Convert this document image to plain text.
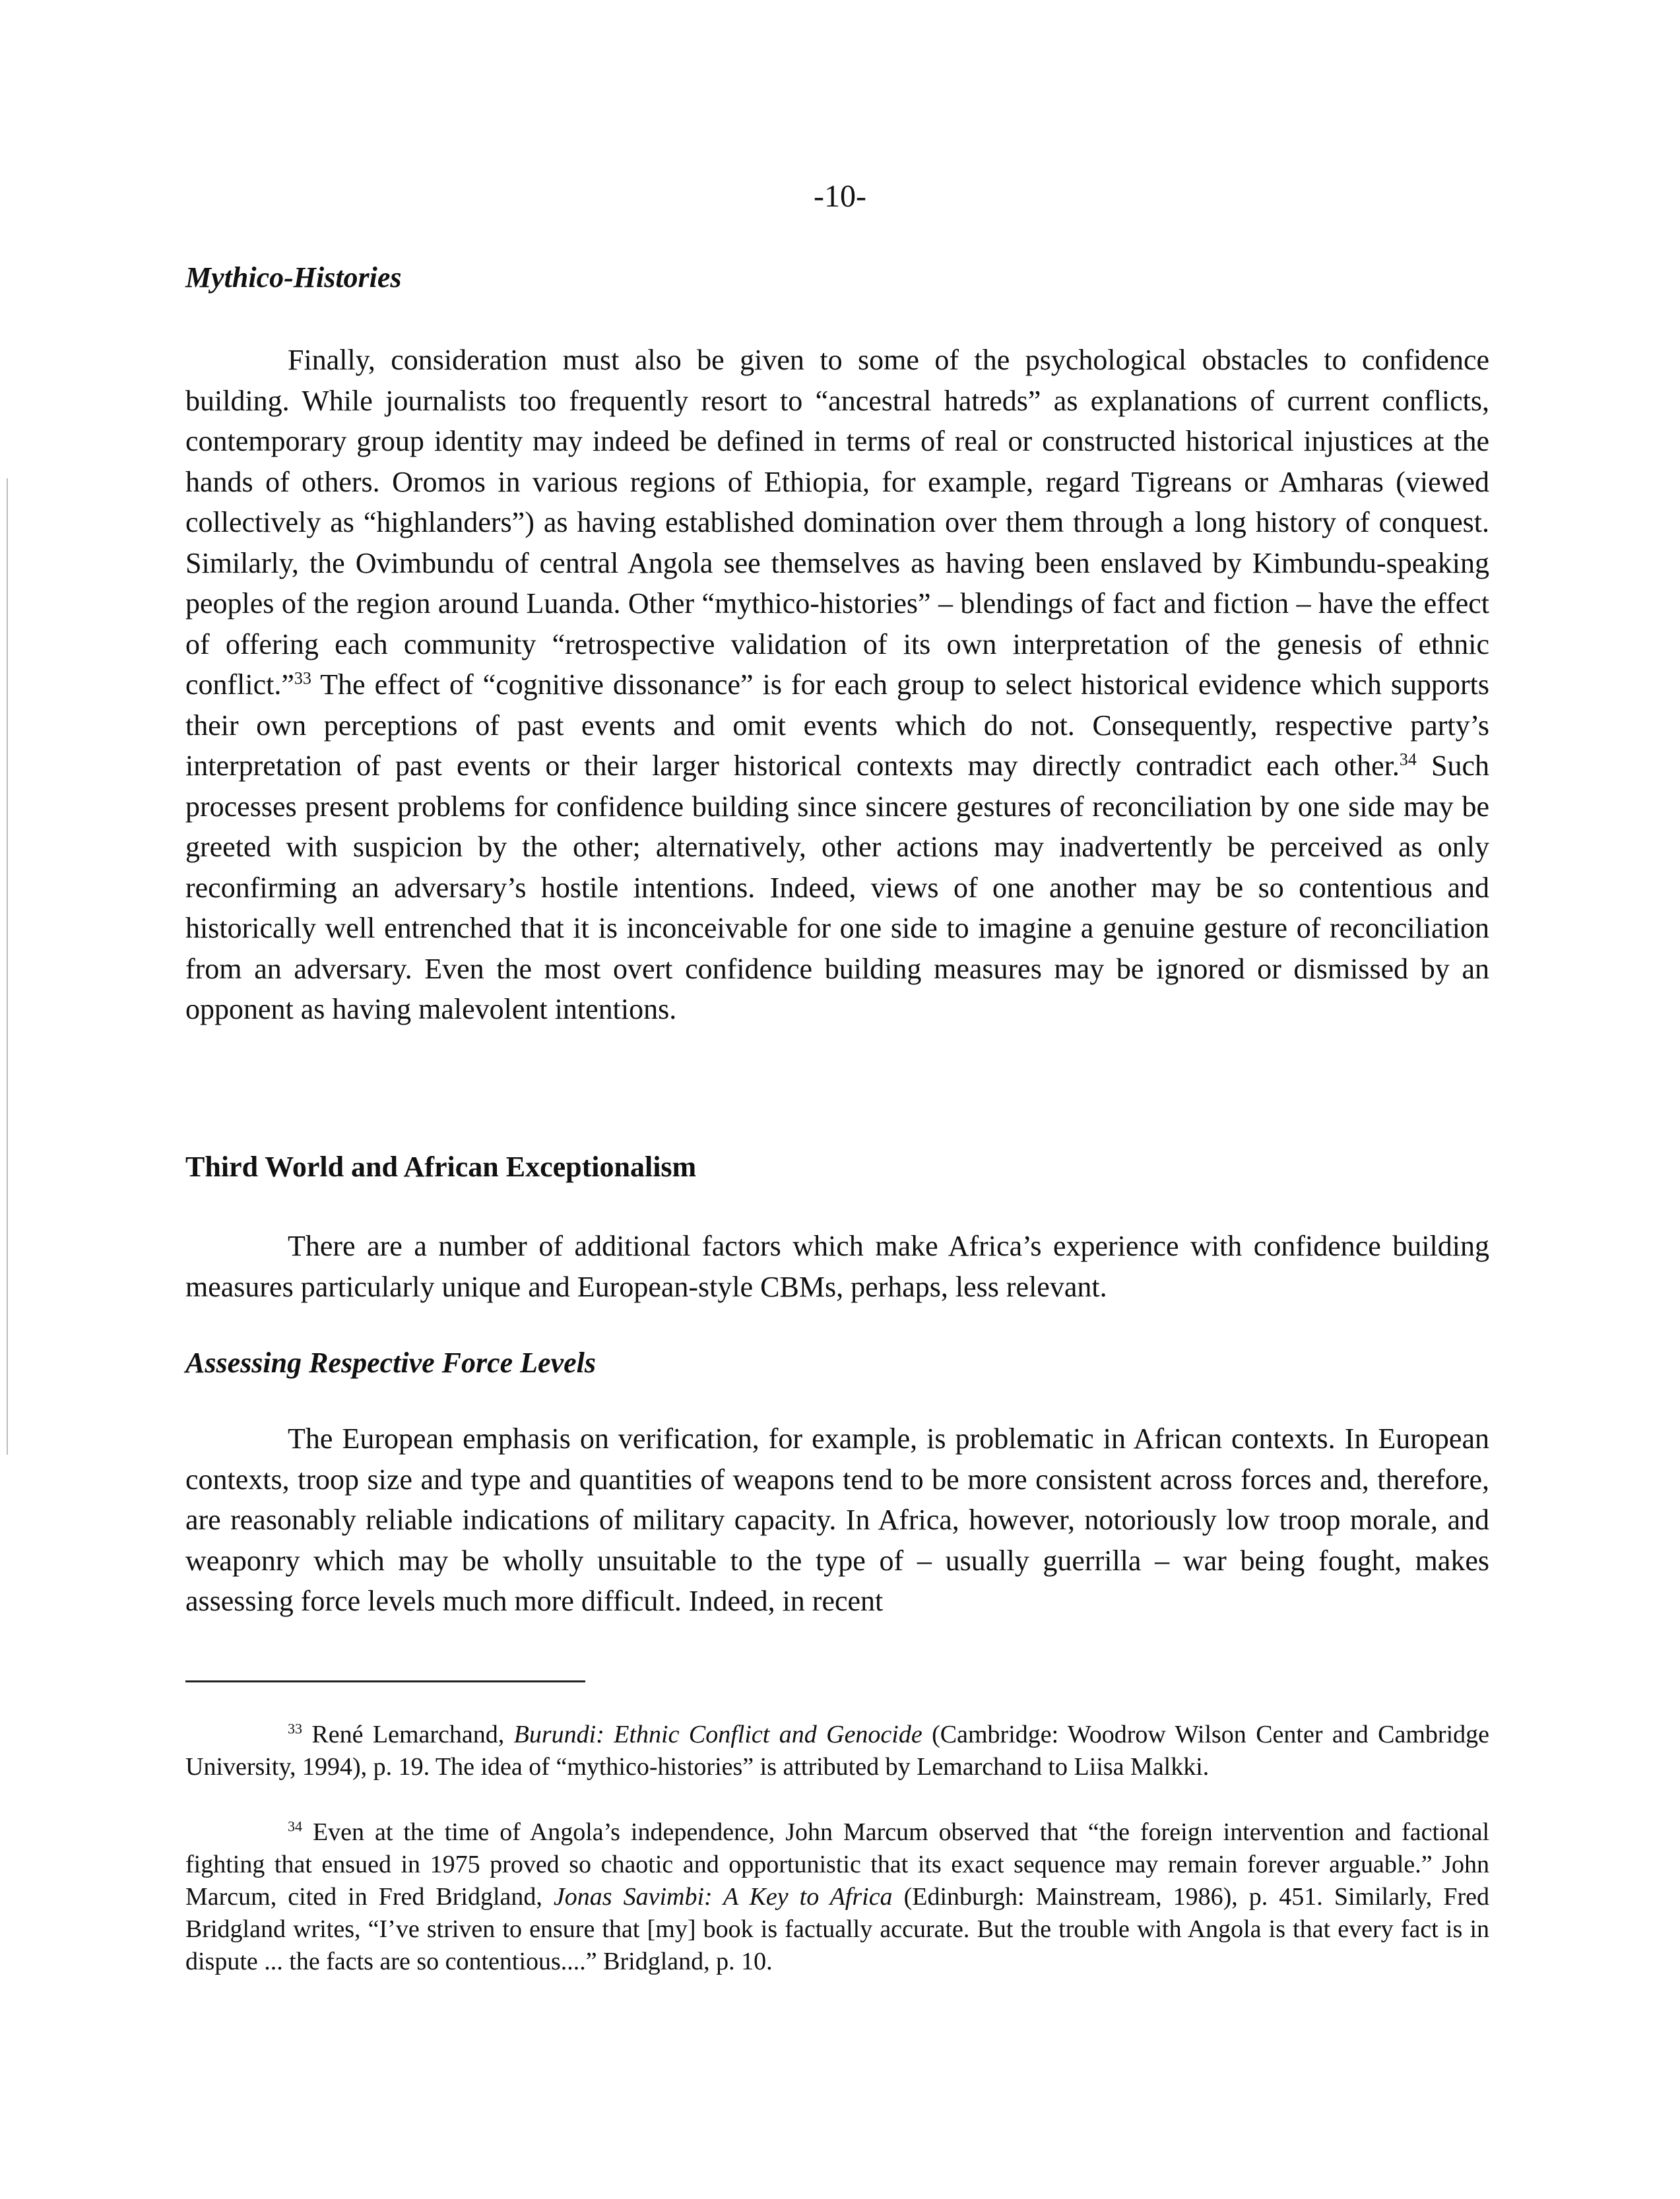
-10-
Mythico-Histories

Finally, consideration must also be given to some of the psychological obstacles to confidence building. While journalists too frequently resort to “ancestral hatreds” as explanations of current conflicts, contemporary group identity may indeed be defined in terms of real or constructed historical injustices at the hands of others. Oromos in various regions of Ethiopia, for example, regard Tigreans or Amharas (viewed collectively as “highlanders”) as having established domination over them through a long history of conquest. Similarly, the Ovimbundu of central Angola see themselves as having been enslaved by Kimbundu-speaking peoples of the region around Luanda. Other “mythico-histories” – blendings of fact and fiction – have the effect of offering each community “retrospective validation of its own interpretation of the genesis of ethnic conflict.”$^{33}$ The effect of “cognitive dissonance” is for each group to select historical evidence which supports their own perceptions of past events and omit events which do not. Consequently, respective party’s interpretation of past events or their larger historical contexts may directly contradict each other.$^{34}$ Such processes present problems for confidence building since sincere gestures of reconciliation by one side may be greeted with suspicion by the other; alternatively, other actions may inadvertently be perceived as only reconfirming an adversary’s hostile intentions. Indeed, views of one another may be so contentious and historically well entrenched that it is inconceivable for one side to imagine a genuine gesture of reconciliation from an adversary. Even the most overt confidence building measures may be ignored or dismissed by an opponent as having malevolent intentions.

Third World and African Exceptionalism

There are a number of additional factors which make Africa’s experience with confidence building measures particularly unique and European-style CBMs, perhaps, less relevant.

Assessing Respective Force Levels

The European emphasis on verification, for example, is problematic in African contexts. In European contexts, troop size and type and quantities of weapons tend to be more consistent across forces and, therefore, are reasonably reliable indications of military capacity. In Africa, however, notoriously low troop morale, and weaponry which may be wholly unsuitable to the type of – usually guerrilla – war being fought, makes assessing force levels much more difficult. Indeed, in recent

$^{33}$ René Lemarchand, Burundi: Ethnic Conflict and Genocide (Cambridge: Woodrow Wilson Center and Cambridge University, 1994), p. 19. The idea of “mythico-histories” is attributed by Lemarchand to Liisa Malkki.

$^{34}$ Even at the time of Angola’s independence, John Marcum observed that “the foreign intervention and factional fighting that ensued in 1975 proved so chaotic and opportunistic that its exact sequence may remain forever arguable.” John Marcum, cited in Fred Bridgland, Jonas Savimbi: A Key to Africa (Edinburgh: Mainstream, 1986), p. 451. Similarly, Fred Bridgland writes, “I’ve striven to ensure that [my] book is factually accurate. But the trouble with Angola is that every fact is in dispute ... the facts are so contentious....” Bridgland, p. 10.
